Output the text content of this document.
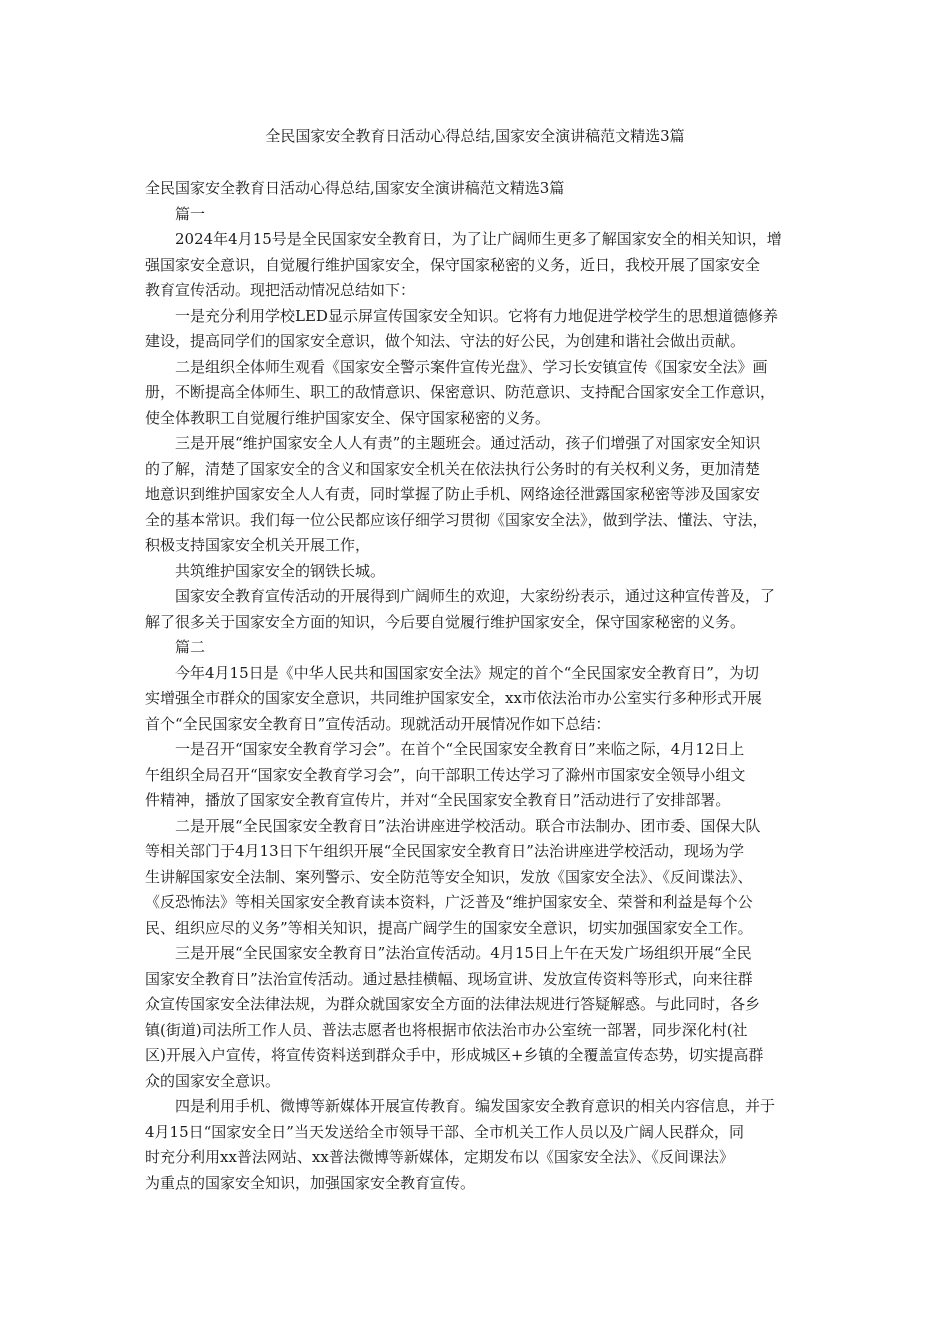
全民国家安全教育日活动心得总结,国家安全演讲稿范文精选3篇
全民国家安全教育日活动心得总结,国家安全演讲稿范文精选3篇
　　篇一
　　2024年4月15号是全民国家安全教育日，为了让广阔师生更多了解国家安全的相关知识，增
强国家安全意识，自觉履行维护国家安全，保守国家秘密的义务，近日，我校开展了国家安全
教育宣传活动。现把活动情况总结如下：
　　一是充分利用学校LED显示屏宣传国家安全知识。它将有力地促进学校学生的思想道德修养
建设，提高同学们的国家安全意识，做个知法、守法的好公民，为创建和谐社会做出贡献。
　　二是组织全体师生观看《国家安全警示案件宣传光盘》、学习长安镇宣传《国家安全法》画
册，不断提高全体师生、职工的敌情意识、保密意识、防范意识、支持配合国家安全工作意识，
使全体教职工自觉履行维护国家安全、保守国家秘密的义务。
　　三是开展“维护国家安全人人有责”的主题班会。通过活动，孩子们增强了对国家安全知识
的了解，清楚了国家安全的含义和国家安全机关在依法执行公务时的有关权利义务，更加清楚
地意识到维护国家安全人人有责，同时掌握了防止手机、网络途径泄露国家秘密等涉及国家安
全的基本常识。我们每一位公民都应该仔细学习贯彻《国家安全法》，做到学法、懂法、守法，
积极支持国家安全机关开展工作，
　　共筑维护国家安全的钢铁长城。
　　国家安全教育宣传活动的开展得到广阔师生的欢迎，大家纷纷表示，通过这种宣传普及，了
解了很多关于国家安全方面的知识，今后要自觉履行维护国家安全，保守国家秘密的义务。
　　篇二
　　今年4月15日是《中华人民共和国国家安全法》规定的首个“全民国家安全教育日”，为切
实增强全市群众的国家安全意识，共同维护国家安全，xx市依法治市办公室实行多种形式开展
首个“全民国家安全教育日”宣传活动。现就活动开展情况作如下总结：
　　一是召开“国家安全教育学习会”。在首个“全民国家安全教育日”来临之际，4月12日上
午组织全局召开“国家安全教育学习会”，向干部职工传达学习了滁州市国家安全领导小组文
件精神，播放了国家安全教育宣传片，并对“全民国家安全教育日”活动进行了安排部署。
　　二是开展“全民国家安全教育日”法治讲座进学校活动。联合市法制办、团市委、国保大队
等相关部门于4月13日下午组织开展“全民国家安全教育日”法治讲座进学校活动，现场为学
生讲解国家安全法制、案列警示、安全防范等安全知识，发放《国家安全法》、《反间谍法》、
《反恐怖法》等相关国家安全教育读本资料，广泛普及“维护国家安全、荣誉和利益是每个公
民、组织应尽的义务”等相关知识，提高广阔学生的国家安全意识，切实加强国家安全工作。
　　三是开展“全民国家安全教育日”法治宣传活动。4月15日上午在天发广场组织开展“全民
国家安全教育日”法治宣传活动。通过悬挂横幅、现场宣讲、发放宣传资料等形式，向来往群
众宣传国家安全法律法规，为群众就国家安全方面的法律法规进行答疑解惑。与此同时，各乡
镇(街道)司法所工作人员、普法志愿者也将根据市依法治市办公室统一部署，同步深化村(社
区)开展入户宣传，将宣传资料送到群众手中，形成城区+乡镇的全覆盖宣传态势，切实提高群
众的国家安全意识。
　　四是利用手机、微博等新媒体开展宣传教育。编发国家安全教育意识的相关内容信息，并于
4月15日“国家安全日”当天发送给全市领导干部、全市机关工作人员以及广阔人民群众，同
时充分利用xx普法网站、xx普法微博等新媒体，定期发布以《国家安全法》、《反间课法》
为重点的国家安全知识，加强国家安全教育宣传。
